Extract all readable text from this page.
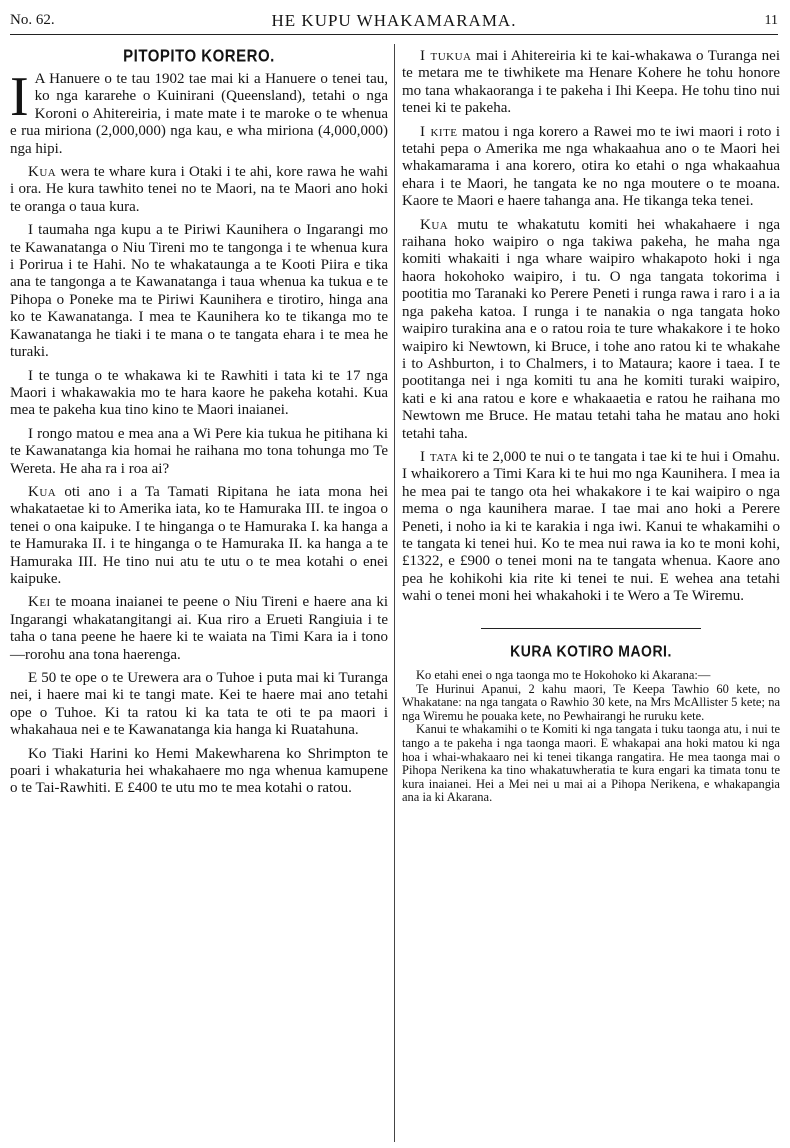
No. 62.	HE KUPU WHAKAMARAMA.	11
PITOPITO KORERO.

I A Hanuere o te tau 1902 tae mai ki a Hanuere o tenei tau, ko nga kararehe o Kuinirani (Queensland), tetahi o nga Koroni o Ahitereiria, i mate mate i te maroke o te whenua e rua miriona (2,000,000) nga kau, e wha miriona (4,000,000) nga hipi.

Kua wera te whare kura i Otaki i te ahi, kore rawa he wahi i ora. He kura tawhito tenei no te Maori, na te Maori ano hoki te oranga o taua kura.

I taumaha nga kupu a te Piriwi Kaunihera o Ingarangi mo te Kawanatanga o Niu Tireni mo te tangonga i te whenua kura i Porirua i te Hahi. No te whakataunga a te Kooti Piira e tika ana te tangonga a te Kawanatanga i taua whenua ka tukua e te Pihopa o Poneke ma te Piriwi Kaunihera e tirotiro, hinga ana ko te Kawanatanga. I mea te Kaunihera ko te tikanga mo te Kawanatanga he tiaki i te mana o te tangata ehara i te mea he turaki.

I te tunga o te whakawa ki te Rawhiti i tata ki te 17 nga Maori i whakawakia mo te hara kaore he pakeha kotahi. Kua mea te pakeha kua tino kino te Maori inaianei.

I rongo matou e mea ana a Wi Pere kia tukua he pitihana ki te Kawanatanga kia homai he raihana mo tona tohunga mo Te Wereta. He aha ra i roa ai?

Kua oti ano i a Ta Tamati Ripitana he iata mona hei whakataetae ki to Amerika iata, ko te Hamuraka III. te ingoa o tenei o ona kaipuke. I te hinganga o te Hamuraka I. ka hanga a te Hamuraka II. i te hinganga o te Hamuraka II. ka hanga a te Hamuraka III. He tino nui atu te utu o te mea kotahi o enei kaipuke.

Kei te moana inaianei te peene o Niu Tireni e haere ana ki Ingarangi whakatangitangi ai. Kua riro a Erueti Rangiuia i te taha o tana peene he haere ki te waiata na Timi Kara ia i tono—rorohu ana tona haerenga.

E 50 te ope o te Urewera ara o Tuhoe i puta mai ki Turanga nei, i haere mai ki te tangi mate. Kei te haere mai ano tetahi ope o Tuhoe. Ki ta ratou ki ka tata te oti te pa maori i whakahaua nei e te Kawanatanga kia hanga ki Ruatahuna.

Ko Tiaki Harini ko Hemi Makewharena ko Shrimpton te poari i whakaturia hei whakahaere mo nga whenua kamupene o te Tai-Rawhiti. E £400 te utu mo te mea kotahi o ratou.

I tukua mai i Ahitereiria ki te kai-whakawa o Turanga nei te metara me te tiwhikete ma Henare Kohere he tohu honore mo tana whakaoranga i te pakeha i Ihi Keepa. He tohu tino nui tenei ki te pakeha.

I kite matou i nga korero a Rawei mo te iwi maori i roto i tetahi pepa o Amerika me nga whakaahua ano o te Maori hei whakamarama i ana korero, otira ko etahi o nga whakaahua ehara i te Maori, he tangata ke no nga moutere o te moana. Kaore te Maori e haere tahanga ana. He tikanga teka tenei.

Kua mutu te whakatutu komiti hei whakahaere i nga raihana hoko waipiro o nga takiwa pakeha, he maha nga komiti whakaiti i nga whare waipiro whakapoto hoki i nga haora hokohoko waipiro, i tu. O nga tangata tokorima i pootitia mo Taranaki ko Perere Peneti i runga rawa i raro i a ia nga pakeha katoa. I runga i te nanakia o nga tangata hoko waipiro turakina ana e o ratou roia te ture whakakore i te hoko waipiro ki Newtown, ki Bruce, i tohe ano ratou ki te whakahe i to Ashburton, i to Chalmers, i to Mataura; kaore i taea. I te pootitanga nei i nga komiti tu ana he komiti turaki waipiro, kati e ki ana ratou e kore e whakaaetia e ratou he raihana mo Newtown me Bruce. He matau tetahi taha he matau ano hoki tetahi taha.

I tata ki te 2,000 te nui o te tangata i tae ki te hui i Omahu. I whaikorero a Timi Kara ki te hui mo nga Kaunihera. I mea ia he mea pai te tango ota hei whakakore i te kai waipiro o nga mema o nga kaunihera marae. I tae mai ano hoki a Perere Peneti, i noho ia ki te karakia i nga iwi. Kanui te whakamihi o te tangata ki tenei hui. Ko te mea nui rawa ia ko te moni kohi, £1322, e £900 o tenei moni na te tangata whenua. Kaore ano pea he kohikohi kia rite ki tenei te nui. E wehea ana tetahi wahi o tenei moni hei whakahoki i te Wero a Te Wiremu.

KURA KOTIRO MAORI.

Ko etahi enei o nga taonga mo te Hokohoko ki Akarana:—

Te Hurinui Apanui, 2 kahu maori, Te Keepa Tawhio 60 kete, no Whakatane: na nga tangata o Rawhio 30 kete, na Mrs McAllister 5 kete; na nga Wiremu he pouaka kete, no Pewhairangi he ruruku kete.

Kanui te whakamihi o te Komiti ki nga tangata i tuku taonga atu, i nui te tango a te pakeha i nga taonga maori. E whakapai ana hoki matou ki nga hoa i whai-whakaaro nei ki tenei tikanga rangatira. He mea taonga mai o Pihopa Nerikena ka tino whakatuwheratia te kura engari ka timata tonu te kura inaianei. Hei a Mei nei u mai ai a Pihopa Nerikena, e whakapangia ana ia ki Akarana.
